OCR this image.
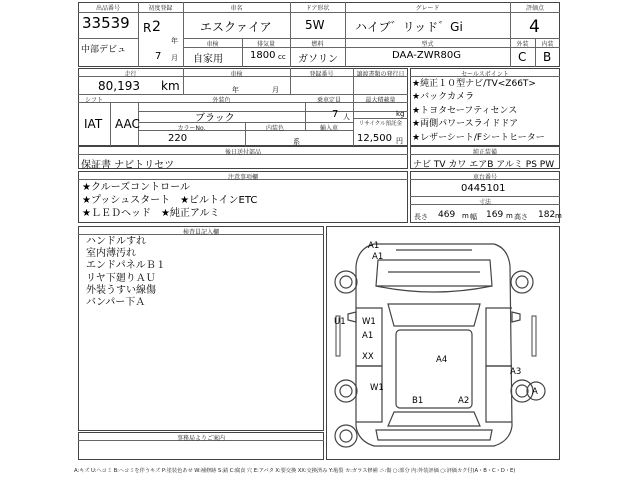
出品番号
33539
中部デビュ
初度登録
R 2
年
7 月
車名
エスクァイア
ドア形状
5W
グレード
ハイブ゛リッド゛Gi
評価点
4
車検
自家用
排気量
1800 cc
燃料
ガソリン
型式
DAA-ZWR80G
外装
C
内装
B
走行
80,193 km
車検
年	月
登録番号	譲渡書類の発行日
シフト
IAT AAC
外装色
ブラック
乗車定員
7 人
最大積載量
kg
カラーNo.
220
内装色
系
輸入車
リサイクル預託金
12,500 円
セールスポイント
★純正１０型ナビ/TV<Z66T>
★バックカメラ
★トヨタセーフティセンス
★両側パワースライドドア
★レザーシート/Fシートヒーター
後日送付部品
保証書 ナビトリセツ
純正装備
ナビ TV カワ エアB アルミ PS PW
注意事項欄
★クルーズコントロール
★プッシュスタート　★ビルトインETC
★ＬＥＤヘッド　★純正アルミ
車台番号
0445101
寸法
長さ 469 m 幅 169 m 高さ 182 m
検査員記入欄
ハンドルすれ
室内薄汚れ
エンドパネルＢ１
リヤ下廻りＡＵ
外装うすい線傷
バンパー下Ａ
事務局よりご案内
A1
A1
U1 W1
A1
XX	A4
A3
W1	A
B1	A2
A:キズ U:へコミ B:ヘコミを伴うキズ P:塗装色あせ W:補修跡 S:錆 C:腐食 穴 E:アバタ X:要交換 XX:交換済み Y:亀裂 カ:ガラス修補 ニ:傷 ○:部分 内:外装評価 ○:評価カク付(A・B・C・D・E)
